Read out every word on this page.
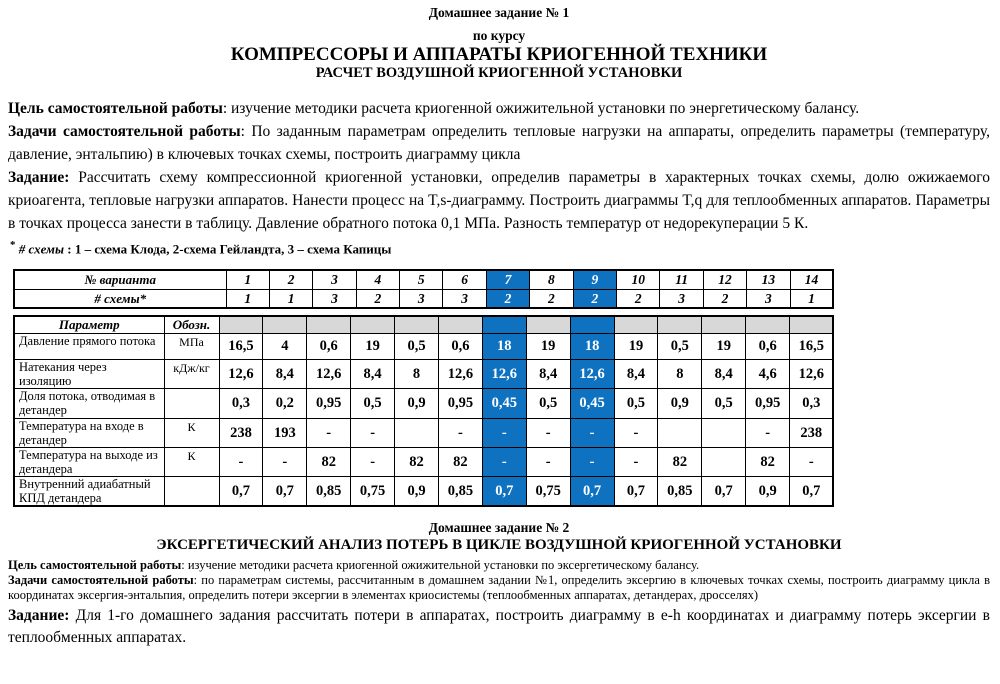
Домашнее задание № 1
по курсу
КОМПРЕССОРЫ И АППАРАТЫ КРИОГЕННОЙ ТЕХНИКИ
РАСЧЕТ ВОЗДУШНОЙ КРИОГЕННОЙ УСТАНОВКИ

Цель самостоятельной работы: изучение методики расчета криогенной ожижительной установки по энергетическому балансу.

Задачи самостоятельной работы: По заданным параметрам определить тепловые нагрузки на аппараты, определить параметры (температуру, давление, энтальпию) в ключевых точках схемы, построить диаграмму цикла

Задание: Рассчитать схему компрессионной криогенной установки, определив параметры в характерных точках схемы, долю ожижаемого криоагента, тепловые нагрузки аппаратов. Нанести процесс на T,s-диаграмму. Построить диаграммы T,q для теплообменных аппаратов. Параметры в точках процесса занести в таблицу. Давление обратного потока 0,1 МПа. Разность температур от недорекуперации 5 К.

* # схемы : 1 – схема Клода, 2-схема Гейландта, 3 – схема Капицы

№ варианта	1	2	3	4	5	6	7	8	9	10	11	12	13	14
# схемы*	1	1	3	2	3	3	2	2	2	2	3	2	3	1
Параметр	Обозн.														
Давление прямого потока	МПа	16,5	4	0,6	19	0,5	0,6	18	19	18	19	0,5	19	0,6	16,5
Натекания через изоляцию	кДж/кг	12,6	8,4	12,6	8,4	8	12,6	12,6	8,4	12,6	8,4	8	8,4	4,6	12,6
Доля потока, отводимая в детандер		0,3	0,2	0,95	0,5	0,9	0,95	0,45	0,5	0,45	0,5	0,9	0,5	0,95	0,3
Температура на входе в детандер	К	238	193	-	-		-	-	-	-	-			-	238
Температура на выходе из детандера	К	-	-	82	-	82	82	-	-	-	-	82		82	-
Внутренний адиабатный КПД детандера		0,7	0,7	0,85	0,75	0,9	0,85	0,7	0,75	0,7	0,7	0,85	0,7	0,9	0,7
Домашнее задание № 2
ЭКСЕРГЕТИЧЕСКИЙ АНАЛИЗ ПОТЕРЬ В ЦИКЛЕ ВОЗДУШНОЙ КРИОГЕННОЙ УСТАНОВКИ

Цель самостоятельной работы: изучение методики расчета криогенной ожижительной установки по эксергетическому балансу.

Задачи самостоятельной работы: по параметрам системы, рассчитанным в домашнем задании №1, определить эксергию в ключевых точках схемы, построить диаграмму цикла в координатах эксергия-энтальпия, определить потери эксергии в элементах криосистемы (теплообменных аппаратах, детандерах, дросселях)

Задание: Для 1-го домашнего задания рассчитать потери в аппаратах, построить диаграмму в e-h координатах и диаграмму потерь эксергии в теплообменных аппаратах.
